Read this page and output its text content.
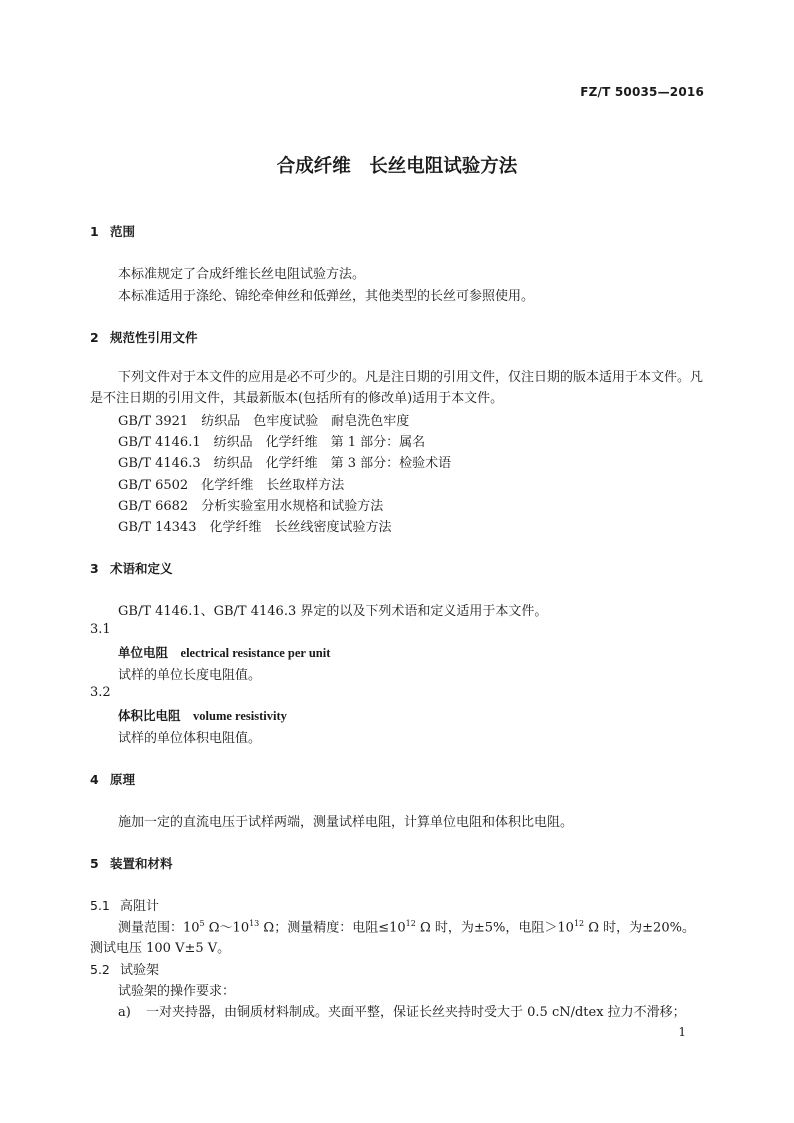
FZ/T 50035—2016
合成纤维　长丝电阻试验方法
1 范围
本标准规定了合成纤维长丝电阻试验方法。
本标准适用于涤纶、锦纶牵伸丝和低弹丝，其他类型的长丝可参照使用。
2 规范性引用文件
下列文件对于本文件的应用是必不可少的。凡是注日期的引用文件，仅注日期的版本适用于本文件。凡是不注日期的引用文件，其最新版本(包括所有的修改单)适用于本文件。
GB/T 3921　纺织品　色牢度试验　耐皂洗色牢度
GB/T 4146.1　纺织品　化学纤维　第 1 部分：属名
GB/T 4146.3　纺织品　化学纤维　第 3 部分：检验术语
GB/T 6502　化学纤维　长丝取样方法
GB/T 6682　分析实验室用水规格和试验方法
GB/T 14343　化学纤维　长丝线密度试验方法
3 术语和定义
GB/T 4146.1、GB/T 4146.3 界定的以及下列术语和定义适用于本文件。
3.1
单位电阻　 electrical resistance per unit
试样的单位长度电阻值。
3.2
体积比电阻　 volume resistivity
试样的单位体积电阻值。
4 原理
施加一定的直流电压于试样两端，测量试样电阻，计算单位电阻和体积比电阻。
5 装置和材料
5.1 高阻计
测量范围：$10^5$ $\Omega\sim 10^{13}$ Ω；测量精度：电阻$\le 10^{12}$ Ω 时，为±5%，电阻$>10^{12}$ Ω 时，为±20%。测试电压 100 V±5 V。
5.2 试验架
试验架的操作要求：
a) 一对夹持器，由铜质材料制成。夹面平整，保证长丝夹持时受大于 0.5 cN/dtex 拉力不滑移；
1
